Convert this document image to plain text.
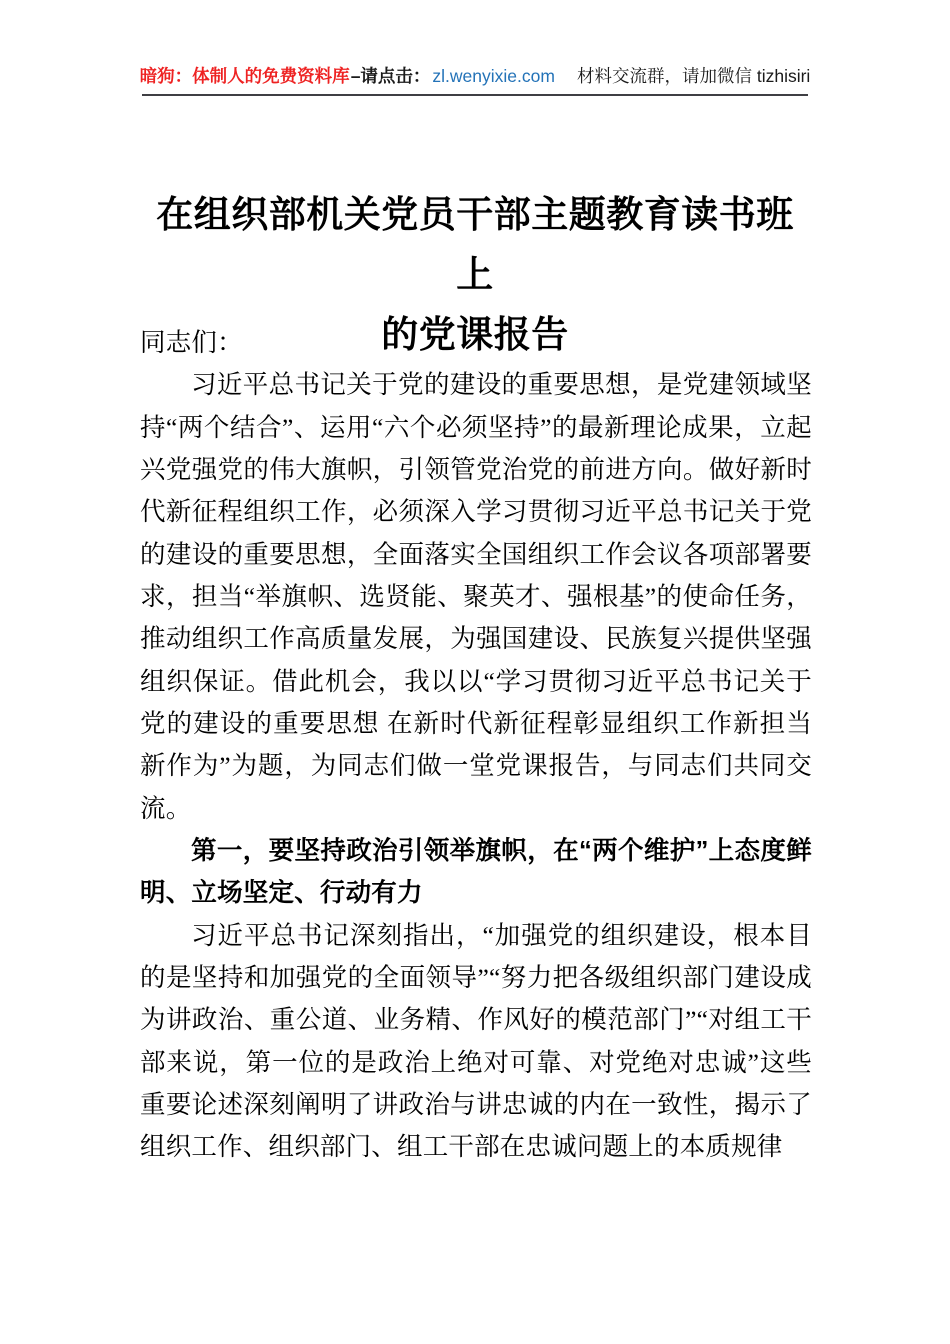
暗狗：体制人的免费资料库 –请点击： zl.wenyixie.com	材料交流群，请加微信 tizhisiri
在组织部机关党员干部主题教育读书班上
的党课报告

同志们：

习近平总书记关于党的建设的重要思想，是党建领域坚持“两个结合”、运用“六个必须坚持”的最新理论成果，立起兴党强党的伟大旗帜，引领管党治党的前进方向。做好新时代新征程组织工作，必须深入学习贯彻习近平总书记关于党的建设的重要思想，全面落实全国组织工作会议各项部署要求，担当“举旗帜、选贤能、聚英才、强根基”的使命任务，推动组织工作高质量发展，为强国建设、民族复兴提供坚强组织保证。借此机会，我以以“学习贯彻习近平总书记关于党的建设的重要思想 在新时代新征程彰显组织工作新担当新作为”为题，为同志们做一堂党课报告，与同志们共同交流。

第一，要坚持政治引领举旗帜，在“两个维护”上态度鲜明、立场坚定、行动有力

习近平总书记深刻指出，“加强党的组织建设，根本目的是坚持和加强党的全面领导”“努力把各级组织部门建设成为讲政治、重公道、业务精、作风好的模范部门”“对组工干部来说，第一位的是政治上绝对可靠、对党绝对忠诚”这些重要论述深刻阐明了讲政治与讲忠诚的内在一致性，揭示了组织工作、组织部门、组工干部在忠诚问题上的本质规律
